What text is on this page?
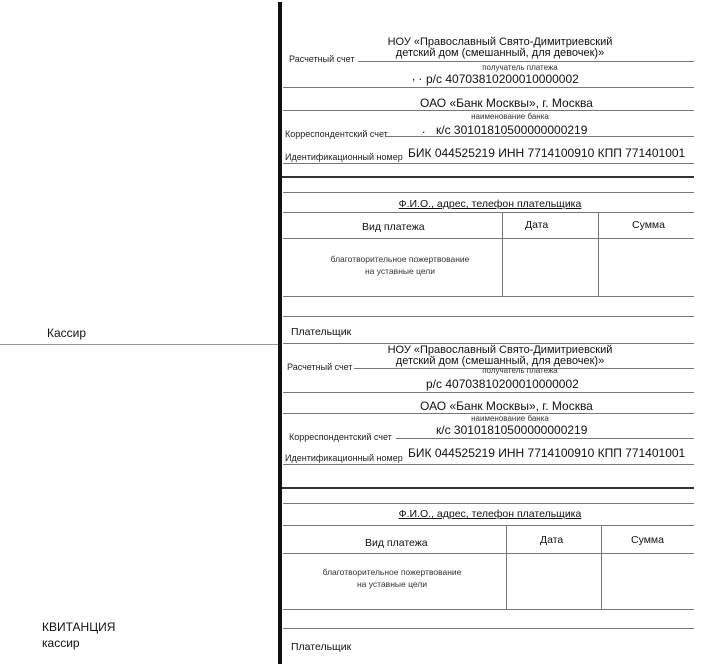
Кассир
КВИТАНЦИЯ
кассир
НОУ «Православный Свято-Димитриевский
детский дом (смешанный, для девочек)»
Расчетный счет
получатель платежа
, . р/с 40703810200010000002
ОАО «Банк Москвы», г. Москва
наименование банка
Корреспондентский счет	. к/с 30101810500000000219
Идентификационный номер БИК 044525219 ИНН 7714100910 КПП 771401001
Ф.И.О., адрес, телефон плательщика
Вид платежа	Дата	Сумма
благотворительное пожертвование
на уставные цели
Плательщик
НОУ «Православный Свято-Димитриевский
детский дом (смешанный, для девочек)»
Расчетный счет	получатель платежа
р/с 40703810200010000002
ОАО «Банк Москвы», г. Москва
наименование банка
Корреспондентский счет	к/с 30101810500000000219
Идентификационный номер БИК 044525219 ИНН 7714100910 КПП 771401001
Ф.И.О., адрес, телефон плательщика
Вид платежа	Дата	Сумма
благотворительное пожертвование
на уставные цели
Плательщик
